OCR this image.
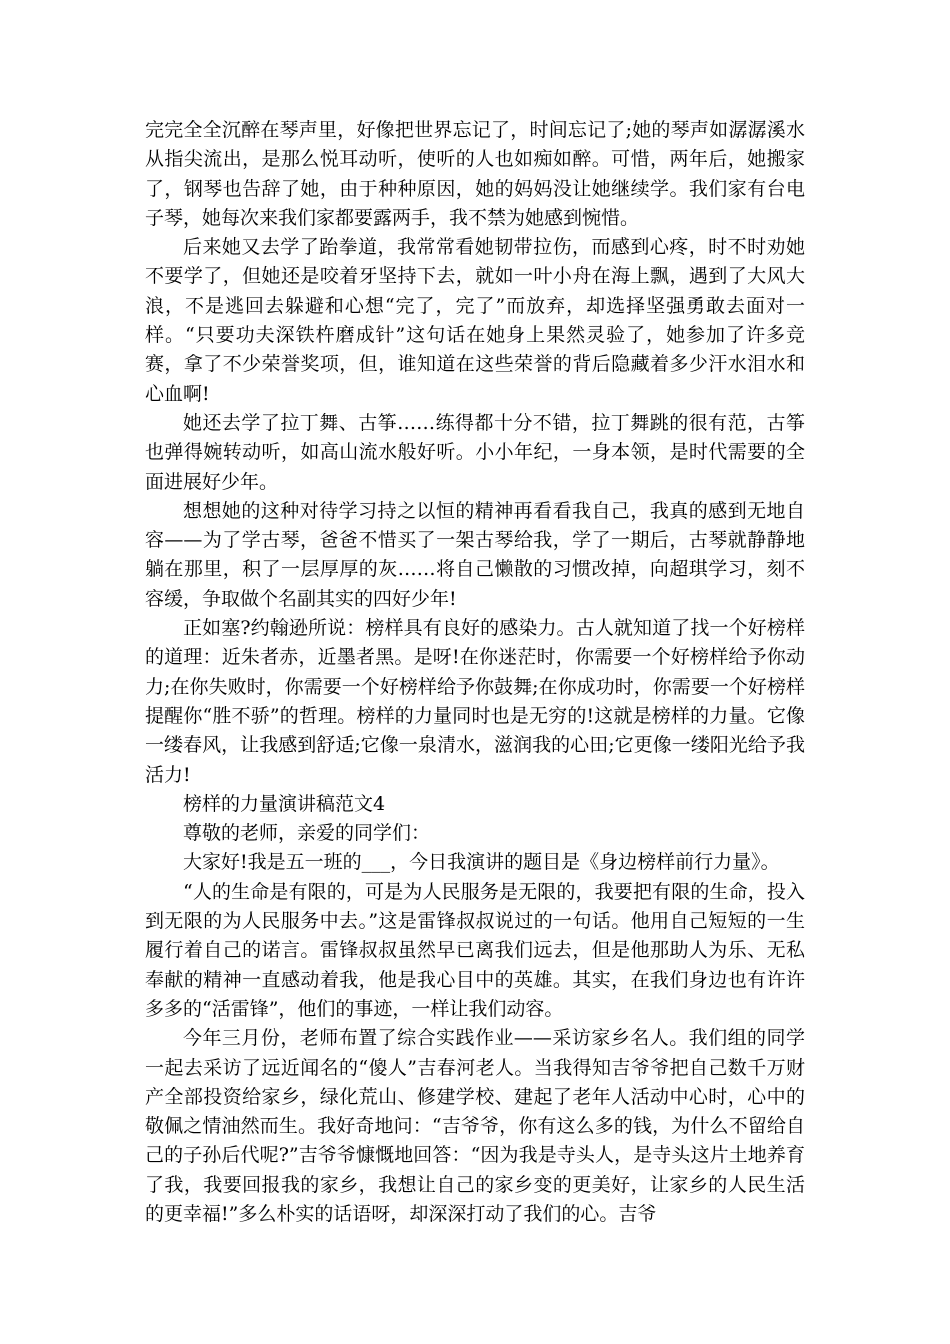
完完全全沉醉在琴声里，好像把世界忘记了，时间忘记了;她的琴声如潺潺溪水从指尖流出，是那么悦耳动听，使听的人也如痴如醉。可惜，两年后，她搬家了，钢琴也告辞了她，由于种种原因，她的妈妈没让她继续学。我们家有台电子琴，她每次来我们家都要露两手，我不禁为她感到惋惜。

后来她又去学了跆拳道，我常常看她韧带拉伤，而感到心疼，时不时劝她不要学了，但她还是咬着牙坚持下去，就如一叶小舟在海上飘，遇到了大风大浪，不是逃回去躲避和心想“完了，完了”而放弃，却选择坚强勇敢去面对一样。“只要功夫深铁杵磨成针”这句话在她身上果然灵验了，她参加了许多竞赛，拿了不少荣誉奖项，但，谁知道在这些荣誉的背后隐藏着多少汗水泪水和心血啊!

她还去学了拉丁舞、古筝……练得都十分不错，拉丁舞跳的很有范，古筝也弹得婉转动听，如高山流水般好听。小小年纪，一身本领，是时代需要的全面进展好少年。

想想她的这种对待学习持之以恒的精神再看看我自己，我真的感到无地自容——为了学古琴，爸爸不惜买了一架古琴给我，学了一期后，古琴就静静地躺在那里，积了一层厚厚的灰……将自己懒散的习惯改掉，向超琪学习，刻不容缓，争取做个名副其实的四好少年!

正如塞?约翰逊所说：榜样具有良好的感染力。古人就知道了找一个好榜样的道理：近朱者赤，近墨者黑。是呀!在你迷茫时，你需要一个好榜样给予你动力;在你失败时，你需要一个好榜样给予你鼓舞;在你成功时，你需要一个好榜样提醒你“胜不骄”的哲理。榜样的力量同时也是无穷的!这就是榜样的力量。它像一缕春风，让我感到舒适;它像一泉清水，滋润我的心田;它更像一缕阳光给予我活力!

榜样的力量演讲稿范文4

尊敬的老师，亲爱的同学们：

大家好!我是五一班的___，今日我演讲的题目是《身边榜样前行力量》。

“人的生命是有限的，可是为人民服务是无限的，我要把有限的生命，投入到无限的为人民服务中去。”这是雷锋叔叔说过的一句话。他用自己短短的一生履行着自己的诺言。雷锋叔叔虽然早已离我们远去，但是他那助人为乐、无私奉献的精神一直感动着我，他是我心目中的英雄。其实，在我们身边也有许许多多的“活雷锋”，他们的事迹，一样让我们动容。

今年三月份，老师布置了综合实践作业——采访家乡名人。我们组的同学一起去采访了远近闻名的“傻人”吉春河老人。当我得知吉爷爷把自己数千万财产全部投资给家乡，绿化荒山、修建学校、建起了老年人活动中心时，心中的敬佩之情油然而生。我好奇地问：“吉爷爷，你有这么多的钱，为什么不留给自己的子孙后代呢?”吉爷爷慷慨地回答：“因为我是寺头人，是寺头这片土地养育了我，我要回报我的家乡，我想让自己的家乡变的更美好，让家乡的人民生活的更幸福!”多么朴实的话语呀，却深深打动了我们的心。吉爷
